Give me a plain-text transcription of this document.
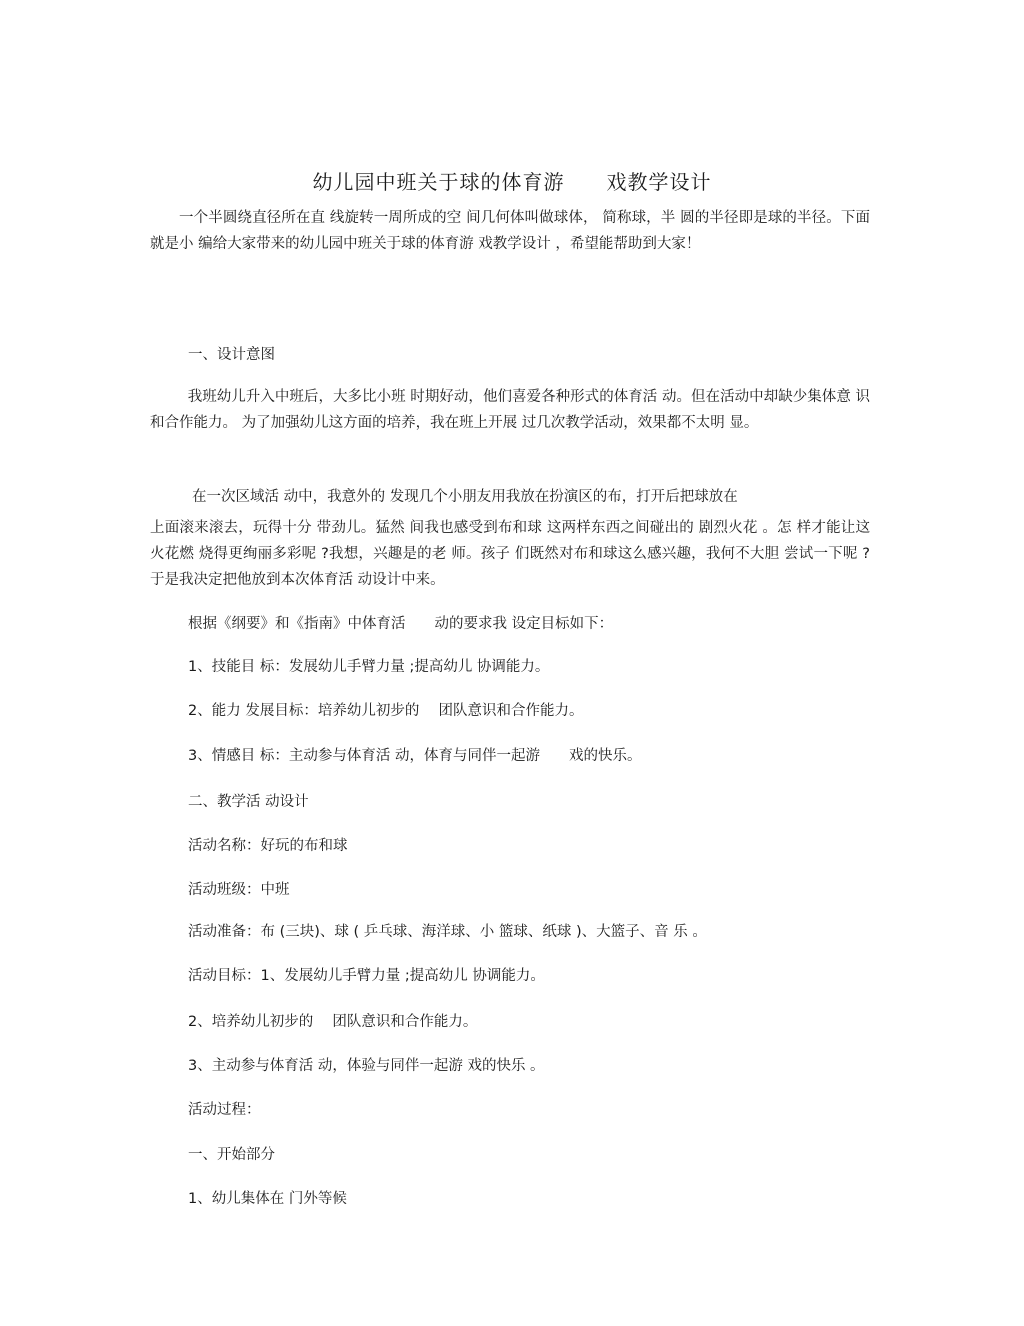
幼儿园中班关于球的体育游　　戏教学设计
一个半圆绕直径所在直 线旋转一周所成的空 间几何体叫做球体， 简称球，半 圆的半径即是球的半径。下面就是小 编给大家带来的幼儿园中班关于球的体育游 戏教学设计 ，希望能帮助到大家！
一、设计意图
我班幼儿升入中班后，大多比小班 时期好动，他们喜爱各种形式的体育活 动。但在活动中却缺少集体意 识和合作能力。 为了加强幼儿这方面的培养，我在班上开展 过几次教学活动，效果都不太明 显。
在一次区域活 动中，我意外的 发现几个小朋友用我放在扮演区的布，打开后把球放在
上面滚来滚去，玩得十分 带劲儿。猛然 间我也感受到布和球 这两样东西之间碰出的 剧烈火花 。怎 样才能让这火花燃 烧得更绚丽多彩呢 ?我想，兴趣是的老 师。孩子 们既然对布和球这么感兴趣，我何不大胆 尝试一下呢 ?于是我决定把他放到本次体育活 动设计中来。
根据《纲要》和《指南》中体育活　　动的要求我 设定目标如下：
1、技能目 标：发展幼儿手臂力量 ;提高幼儿 协调能力。
2、能力 发展目标：培养幼儿初步的　 团队意识和合作能力。
3、情感目 标：主动参与体育活 动，体育与同伴一起游　　戏的快乐。
二、教学活 动设计
活动名称：好玩的布和球
活动班级：中班
活动准备：布 (三块)、球 ( 乒乓球、海洋球、小 篮球、纸球 )、大篮子、音 乐 。
活动目标：1、发展幼儿手臂力量 ;提高幼儿 协调能力。
2、培养幼儿初步的　 团队意识和合作能力。
3、主动参与体育活 动，体验与同伴一起游 戏的快乐 。
活动过程：
一、开始部分
1、幼儿集体在 门外等候
